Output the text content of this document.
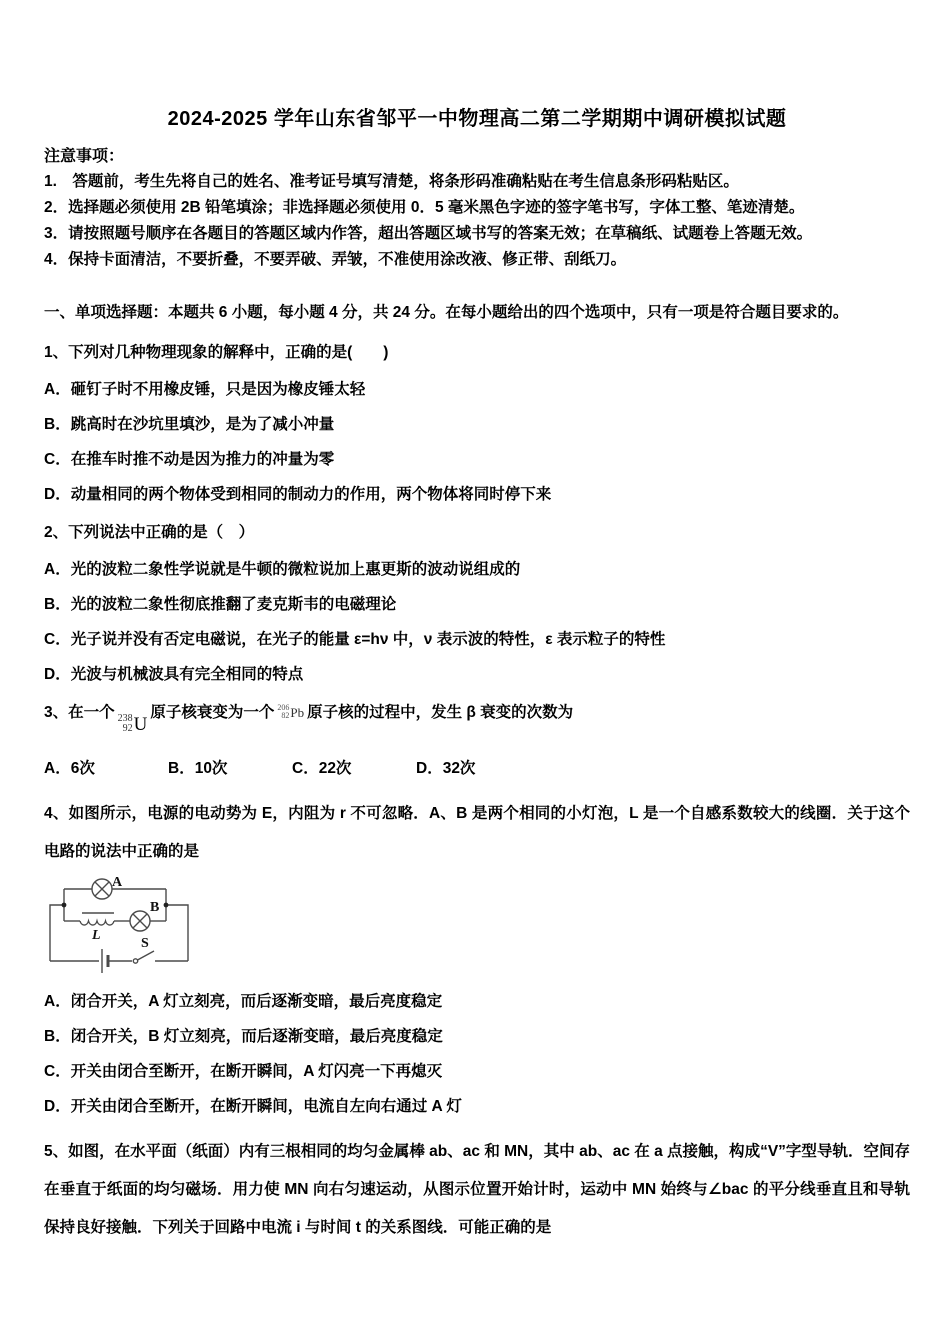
2024-2025 学年山东省邹平一中物理高二第二学期期中调研模拟试题

注意事项：

1.　答题前，考生先将自己的姓名、准考证号填写清楚，将条形码准确粘贴在考生信息条形码粘贴区。

2．选择题必须使用 2B 铅笔填涂；非选择题必须使用 0．5 毫米黑色字迹的签字笔书写，字体工整、笔迹清楚。

3．请按照题号顺序在各题目的答题区域内作答，超出答题区域书写的答案无效；在草稿纸、试题卷上答题无效。

4．保持卡面清洁，不要折叠，不要弄破、弄皱，不准使用涂改液、修正带、刮纸刀。

一、单项选择题：本题共 6 小题，每小题 4 分，共 24 分。在每小题给出的四个选项中，只有一项是符合题目要求的。

1、下列对几种物理现象的解释中，正确的是(　　)

A．砸钉子时不用橡皮锤，只是因为橡皮锤太轻

B．跳高时在沙坑里填沙，是为了减小冲量

C．在推车时推不动是因为推力的冲量为零

D．动量相同的两个物体受到相同的制动力的作用，两个物体将同时停下来

2、下列说法中正确的是（　）

A．光的波粒二象性学说就是牛顿的微粒说加上惠更斯的波动说组成的

B．光的波粒二象性彻底推翻了麦克斯韦的电磁理论

C．光子说并没有否定电磁说，在光子的能量 ε=hν 中，ν 表示波的特性，ε 表示粒子的特性

D．光波与机械波具有完全相同的特点

3、在一个 238
92 U
原子核衰变为一个 206
82 Pb 原子核的过程中，发生 β 衰变的次数为

A．6次	B．10次	C．22次	D．32次

4、如图所示，电源的电动势为 E，内阻为 r 不可忽略．A、B 是两个相同的小灯泡，L 是一个自感系数较大的线圈．关于这个电路的说法中正确的是

A
B
L
S

A．闭合开关，A 灯立刻亮，而后逐渐变暗，最后亮度稳定

B．闭合开关，B 灯立刻亮，而后逐渐变暗，最后亮度稳定

C．开关由闭合至断开，在断开瞬间，A 灯闪亮一下再熄灭

D．开关由闭合至断开，在断开瞬间，电流自左向右通过 A 灯

5、如图，在水平面（纸面）内有三根相同的均匀金属棒 ab、ac 和 MN，其中 ab、ac 在 a 点接触，构成“V”字型导轨．空间存在垂直于纸面的均匀磁场．用力使 MN 向右匀速运动，从图示位置开始计时，运动中 MN 始终与∠bac 的平分线垂直且和导轨保持良好接触．下列关于回路中电流 i 与时间 t 的关系图线．可能正确的是
